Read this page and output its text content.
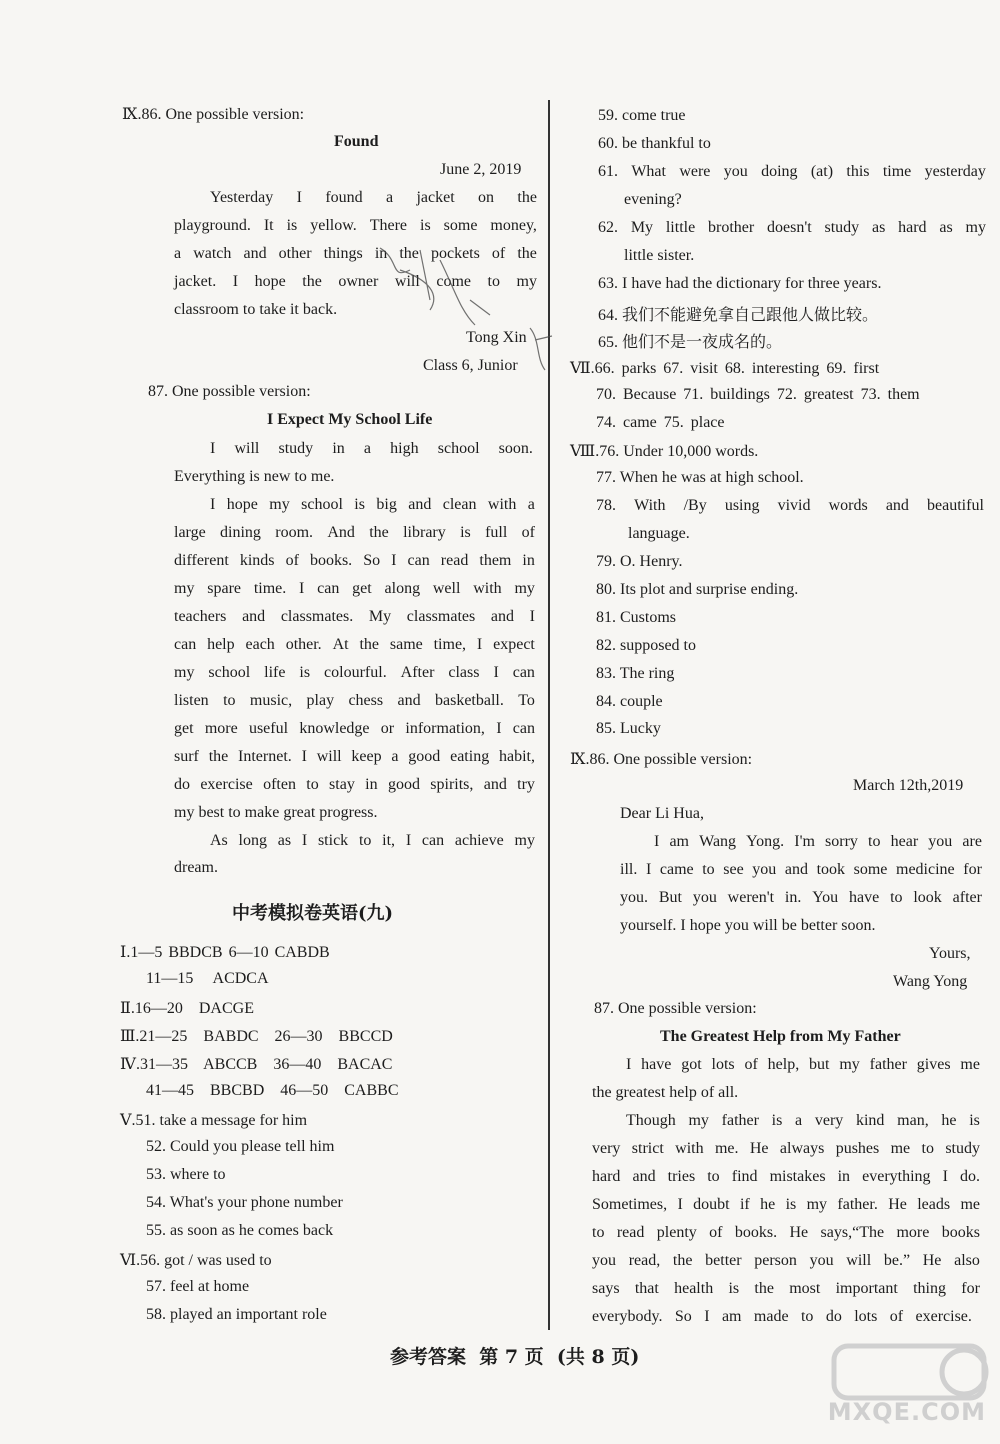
Ⅸ.86. One possible version:
Found
June 2, 2019
Yesterday I found a jacket on the
playground. It is yellow. There is some money,
a watch and other things in the pockets of the
jacket. I hope the owner will come to my
classroom to take it back.
Tong Xin
Class 6, Junior
87. One possible version:
I Expect My School Life
I will study in a high school soon.
Everything is new to me.
I hope my school is big and clean with a
large dining room. And the library is full of
different kinds of books. So I can read them in
my spare time. I can get along well with my
teachers and classmates. My classmates and I
can help each other. At the same time, I expect
my school life is colourful. After class I can
listen to music, play chess and basketball. To
get more useful knowledge or information, I can
surf the Internet. I will keep a good eating habit,
do exercise often to stay in good spirits, and try
my best to make great progress.
As long as I stick to it, I can achieve my
dream.
中考模拟卷英语(九)
Ⅰ.1—5 BBDCB 6—10 CABDB
11—15 ACDCA
Ⅱ.16—20 DACGE
Ⅲ.21—25 BABDC 26—30 BBCCD
Ⅳ.31—35 ABCCB 36—40 BACAC
41—45 BBCBD 46—50 CABBC
Ⅴ.51. take a message for him
52. Could you please tell him
53. where to
54. What's your phone number
55. as soon as he comes back
Ⅵ.56. got / was used to
57. feel at home
58. played an important role
59. come true
60. be thankful to
61. What were you doing (at) this time yesterday
evening?
62. My little brother doesn't study as hard as my
little sister.
63. I have had the dictionary for three years.
64. 我们不能避免拿自己跟他人做比较。
65. 他们不是一夜成名的。
Ⅶ.66. parks 67. visit 68. interesting 69. first
70. Because 71. buildings 72. greatest 73. them
74. came 75. place
Ⅷ.76. Under 10,000 words.
77. When he was at high school.
78. With /By using vivid words and beautiful
language.
79. O. Henry.
80. Its plot and surprise ending.
81. Customs
82. supposed to
83. The ring
84. couple
85. Lucky
Ⅸ.86. One possible version:
March 12th,2019
Dear Li Hua,
I am Wang Yong. I'm sorry to hear you are
ill. I came to see you and took some medicine for
you. But you weren't in. You have to look after
yourself. I hope you will be better soon.
Yours,
Wang Yong
87. One possible version:
The Greatest Help from My Father
I have got lots of help, but my father gives me
the greatest help of all.
Though my father is a very kind man, he is
very strict with me. He always pushes me to study
hard and tries to find mistakes in everything I do.
Sometimes, I doubt if he is my father. He leads me
to read plenty of books. He says,“The more books
you read, the better person you will be.” He also
says that health is the most important thing for
everybody. So I am made to do lots of exercise.
参考答案  第 7 页  (共 8 页)
MXQE.COM
